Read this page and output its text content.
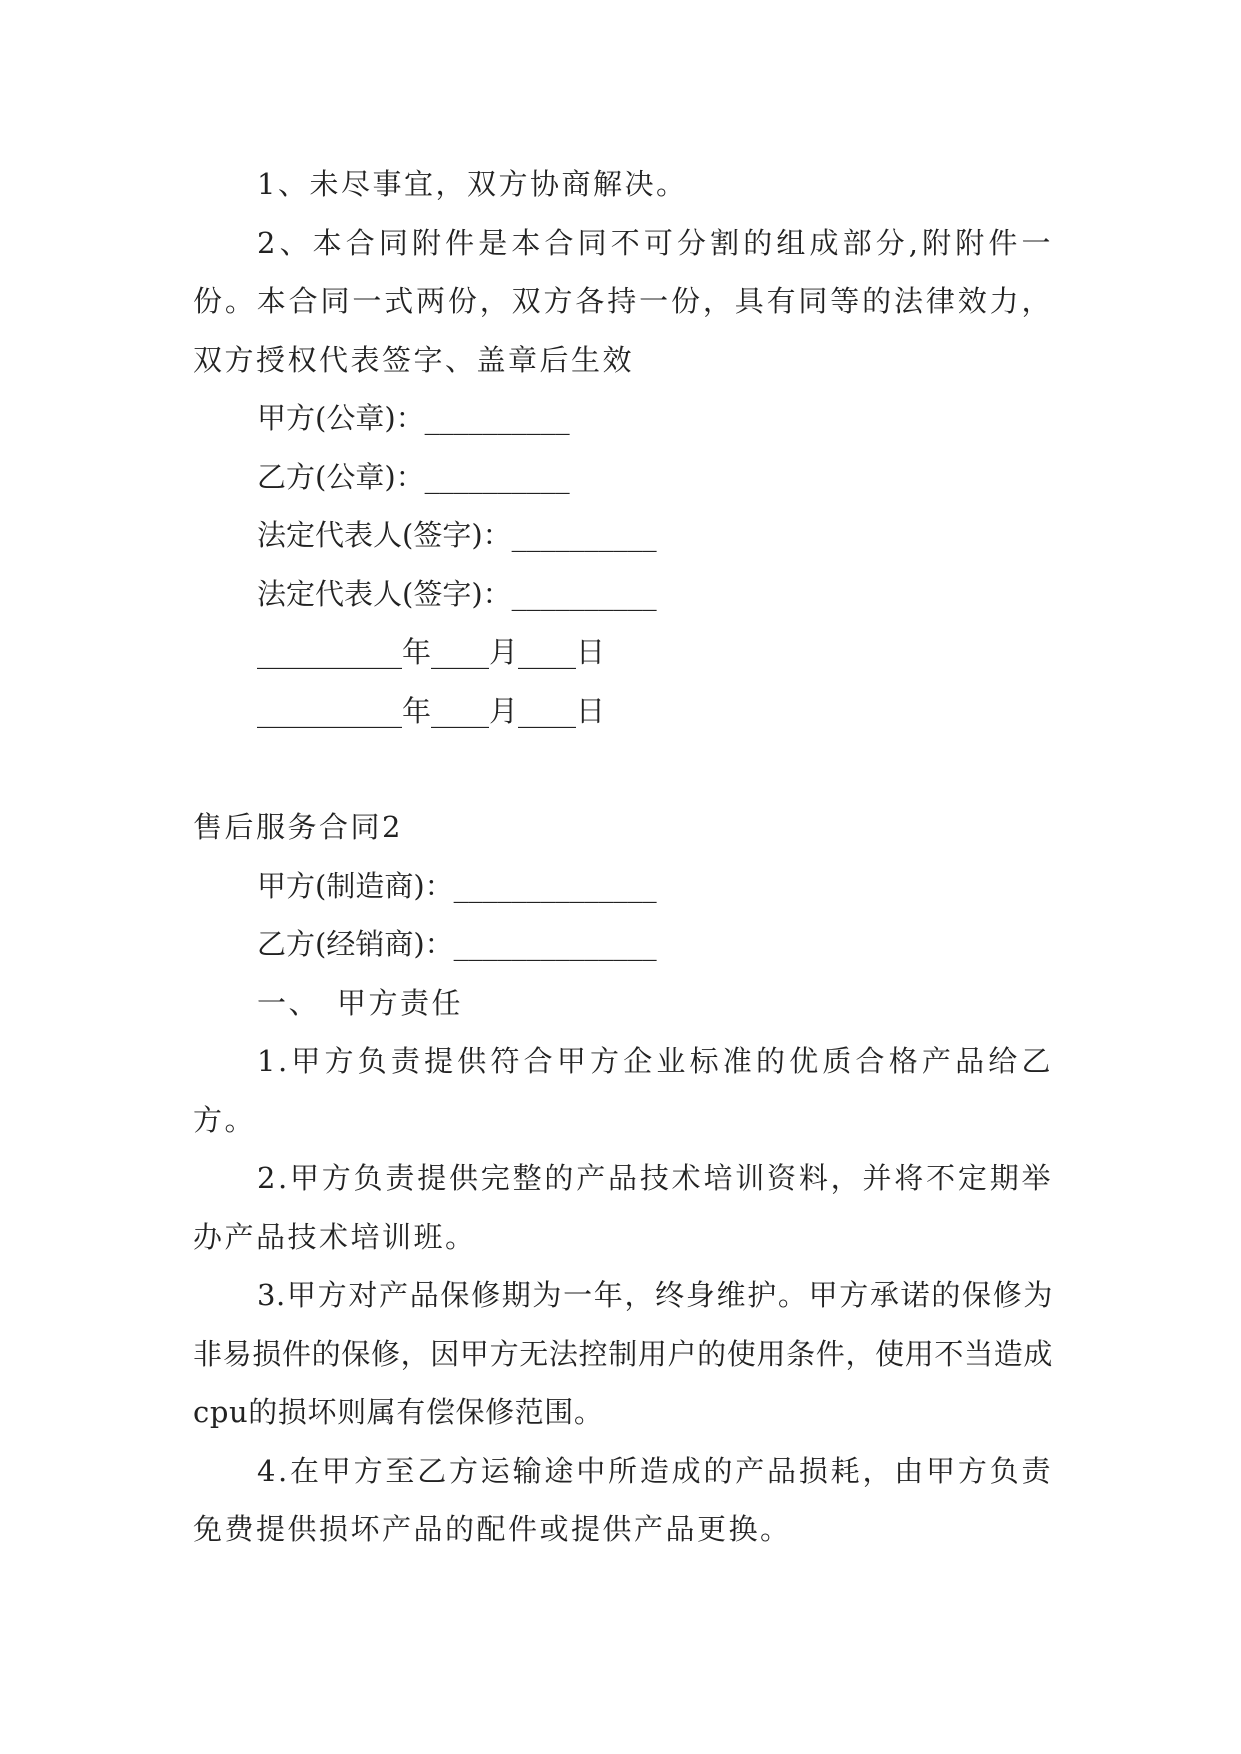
1、未尽事宜，双方协商解决。

2、本合同附件是本合同不可分割的组成部分,附附件一份。本合同一式两份，双方各持一份，具有同等的法律效力，双方授权代表签字、盖章后生效

甲方(公章)：__________

乙方(公章)：__________

法定代表人(签字)：__________

法定代表人(签字)：__________

__________年____月____日

__________年____月____日

售后服务合同2

甲方(制造商)：______________

乙方(经销商)：______________

一、　甲方责任

1.甲方负责提供符合甲方企业标准的优质合格产品给乙方。

2.甲方负责提供完整的产品技术培训资料，并将不定期举办产品技术培训班。

3.甲方对产品保修期为一年，终身维护。甲方承诺的保修为非易损件的保修，因甲方无法控制用户的使用条件，使用不当造成cpu的损坏则属有偿保修范围。

4.在甲方至乙方运输途中所造成的产品损耗，由甲方负责免费提供损坏产品的配件或提供产品更换。
